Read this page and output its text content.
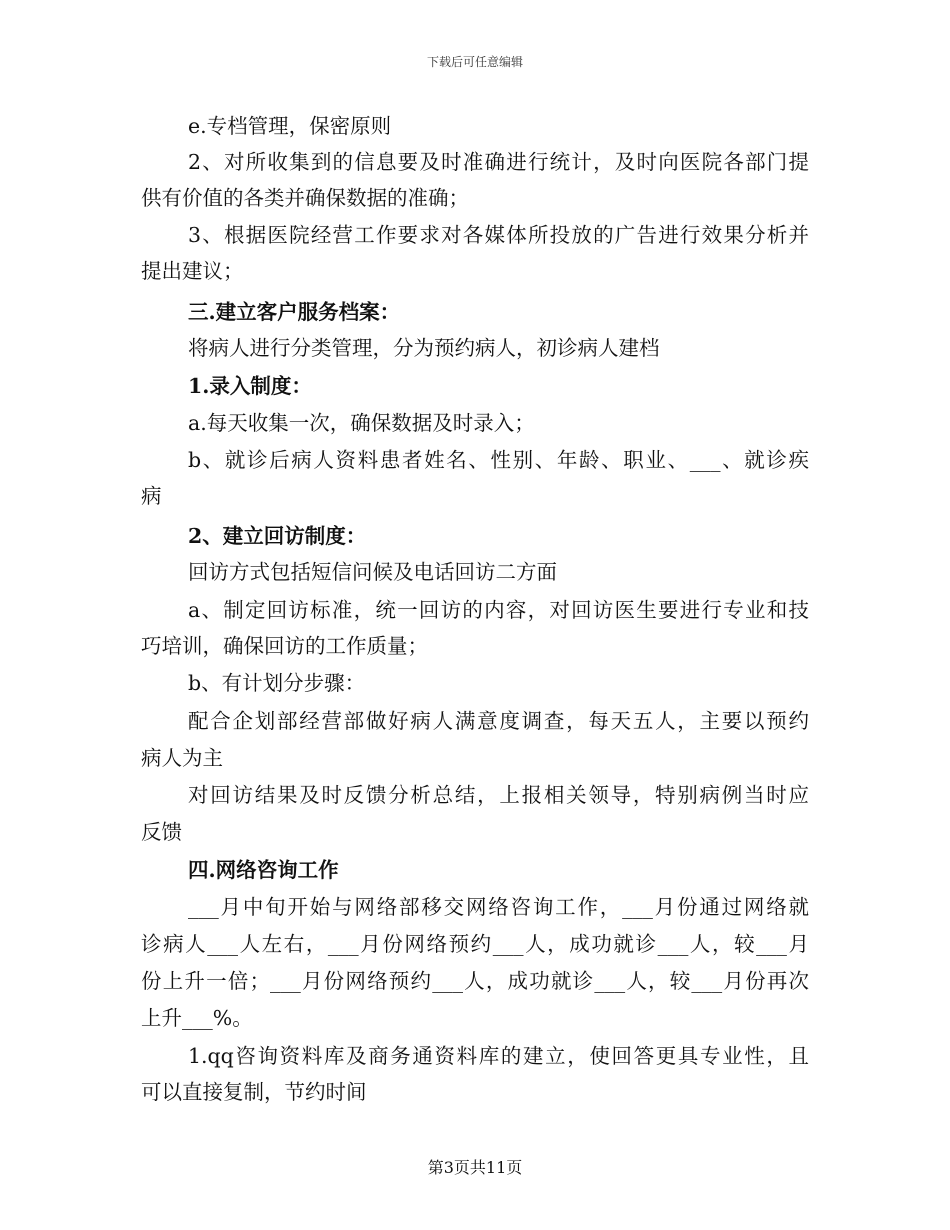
下载后可任意编辑
e.专档管理，保密原则
2、对所收集到的信息要及时准确进行统计，及时向医院各部门提
供有价值的各类并确保数据的准确；
3、根据医院经营工作要求对各媒体所投放的广告进行效果分析并
提出建议；
三.建立客户服务档案：
将病人进行分类管理，分为预约病人，初诊病人建档
1.录入制度：
a.每天收集一次，确保数据及时录入；
b、就诊后病人资料患者姓名、性别、年龄、职业、___、就诊疾
病
2、建立回访制度：
回访方式包括短信问候及电话回访二方面
a、制定回访标准，统一回访的内容，对回访医生要进行专业和技
巧培训，确保回访的工作质量；
b、有计划分步骤：
配合企划部经营部做好病人满意度调查，每天五人，主要以预约
病人为主
对回访结果及时反馈分析总结，上报相关领导，特别病例当时应
反馈
四.网络咨询工作
___月中旬开始与网络部移交网络咨询工作，___月份通过网络就
诊病人___人左右，___月份网络预约___人，成功就诊___人，较___月
份上升一倍；___月份网络预约___人，成功就诊___人，较___月份再次
上升___%。
1.qq咨询资料库及商务通资料库的建立，使回答更具专业性，且
可以直接复制，节约时间
第3页共11页
